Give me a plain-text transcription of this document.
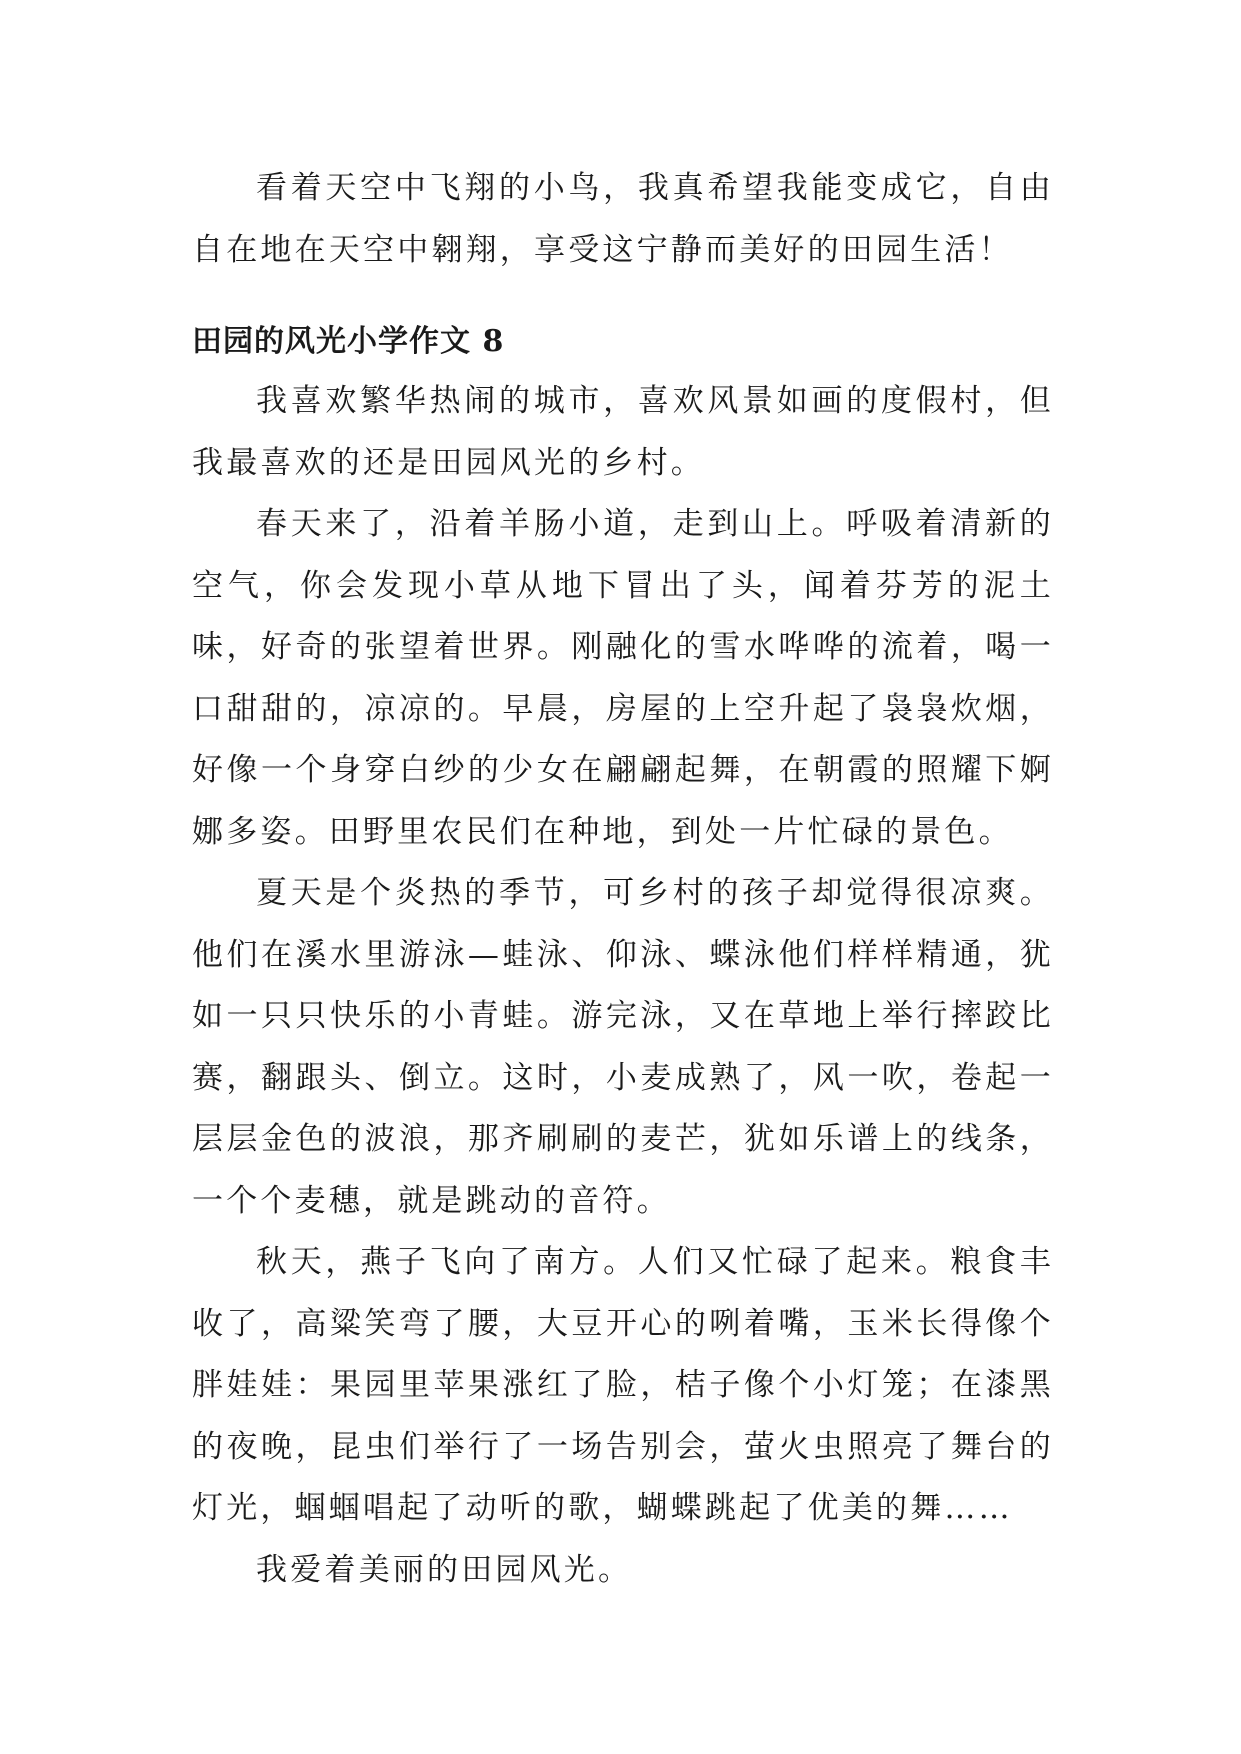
看着天空中飞翔的小鸟，我真希望我能变成它，自由自在地在天空中翱翔，享受这宁静而美好的田园生活！

田园的风光小学作文 8

我喜欢繁华热闹的城市，喜欢风景如画的度假村，但我最喜欢的还是田园风光的乡村。

春天来了，沿着羊肠小道，走到山上。呼吸着清新的空气，你会发现小草从地下冒出了头，闻着芬芳的泥土味，好奇的张望着世界。刚融化的雪水哗哗的流着，喝一口甜甜的，凉凉的。早晨，房屋的上空升起了袅袅炊烟，好像一个身穿白纱的少女在翩翩起舞，在朝霞的照耀下婀娜多姿。田野里农民们在种地，到处一片忙碌的景色。

夏天是个炎热的季节，可乡村的孩子却觉得很凉爽。他们在溪水里游泳—蛙泳、仰泳、蝶泳他们样样精通，犹如一只只快乐的小青蛙。游完泳，又在草地上举行摔跤比赛，翻跟头、倒立。这时，小麦成熟了，风一吹，卷起一层层金色的波浪，那齐刷刷的麦芒，犹如乐谱上的线条，一个个麦穗，就是跳动的音符。

秋天，燕子飞向了南方。人们又忙碌了起来。粮食丰收了，高粱笑弯了腰，大豆开心的咧着嘴，玉米长得像个胖娃娃：果园里苹果涨红了脸，桔子像个小灯笼；在漆黑的夜晚，昆虫们举行了一场告别会，萤火虫照亮了舞台的灯光，蝈蝈唱起了动听的歌，蝴蝶跳起了优美的舞……

我爱着美丽的田园风光。
